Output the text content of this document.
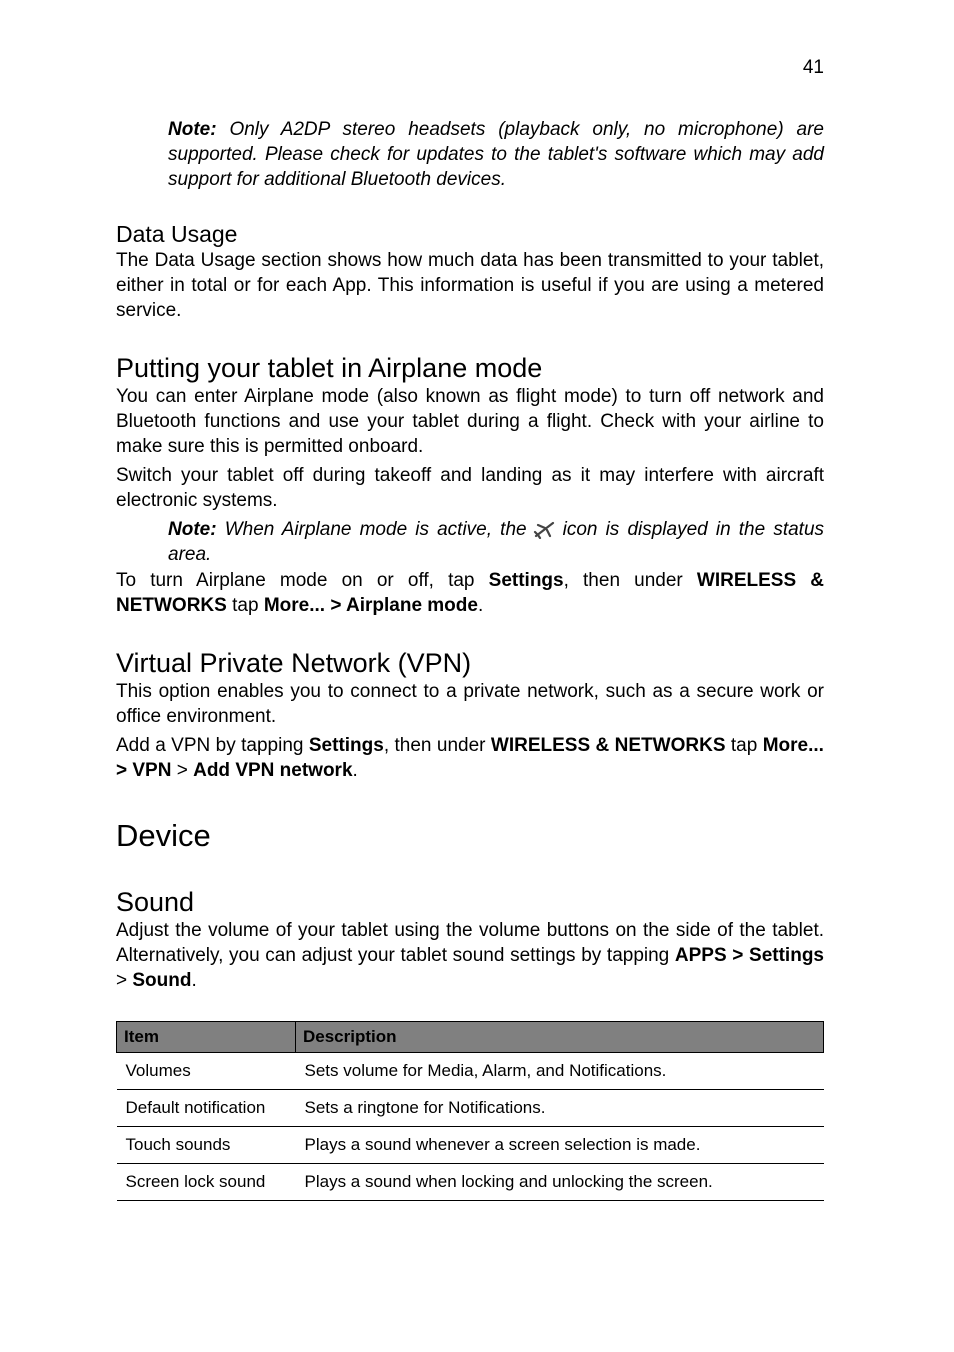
41

Note: Only A2DP stereo headsets (playback only, no microphone) are supported. Please check for updates to the tablet's software which may add support for additional Bluetooth devices.

Data Usage

The Data Usage section shows how much data has been transmitted to your tablet, either in total or for each App. This information is useful if you are using a metered service.

Putting your tablet in Airplane mode

You can enter Airplane mode (also known as flight mode) to turn off network and Bluetooth functions and use your tablet during a flight. Check with your airline to make sure this is permitted onboard.

Switch your tablet off during takeoff and landing as it may interfere with aircraft electronic systems.

Note: When Airplane mode is active, the icon is displayed in the status area.

To turn Airplane mode on or off, tap Settings, then under WIRELESS & NETWORKS tap More... > Airplane mode.

Virtual Private Network (VPN)

This option enables you to connect to a private network, such as a secure work or office environment.

Add a VPN by tapping Settings, then under WIRELESS & NETWORKS tap More... > VPN > Add VPN network.

Device
Sound

Adjust the volume of your tablet using the volume buttons on the side of the tablet. Alternatively, you can adjust your tablet sound settings by tapping APPS > Settings > Sound.

Item	Description
Volumes	Sets volume for Media, Alarm, and Notifications.
Default notification	Sets a ringtone for Notifications.
Touch sounds	Plays a sound whenever a screen selection is made.
Screen lock sound	Plays a sound when locking and unlocking the screen.
